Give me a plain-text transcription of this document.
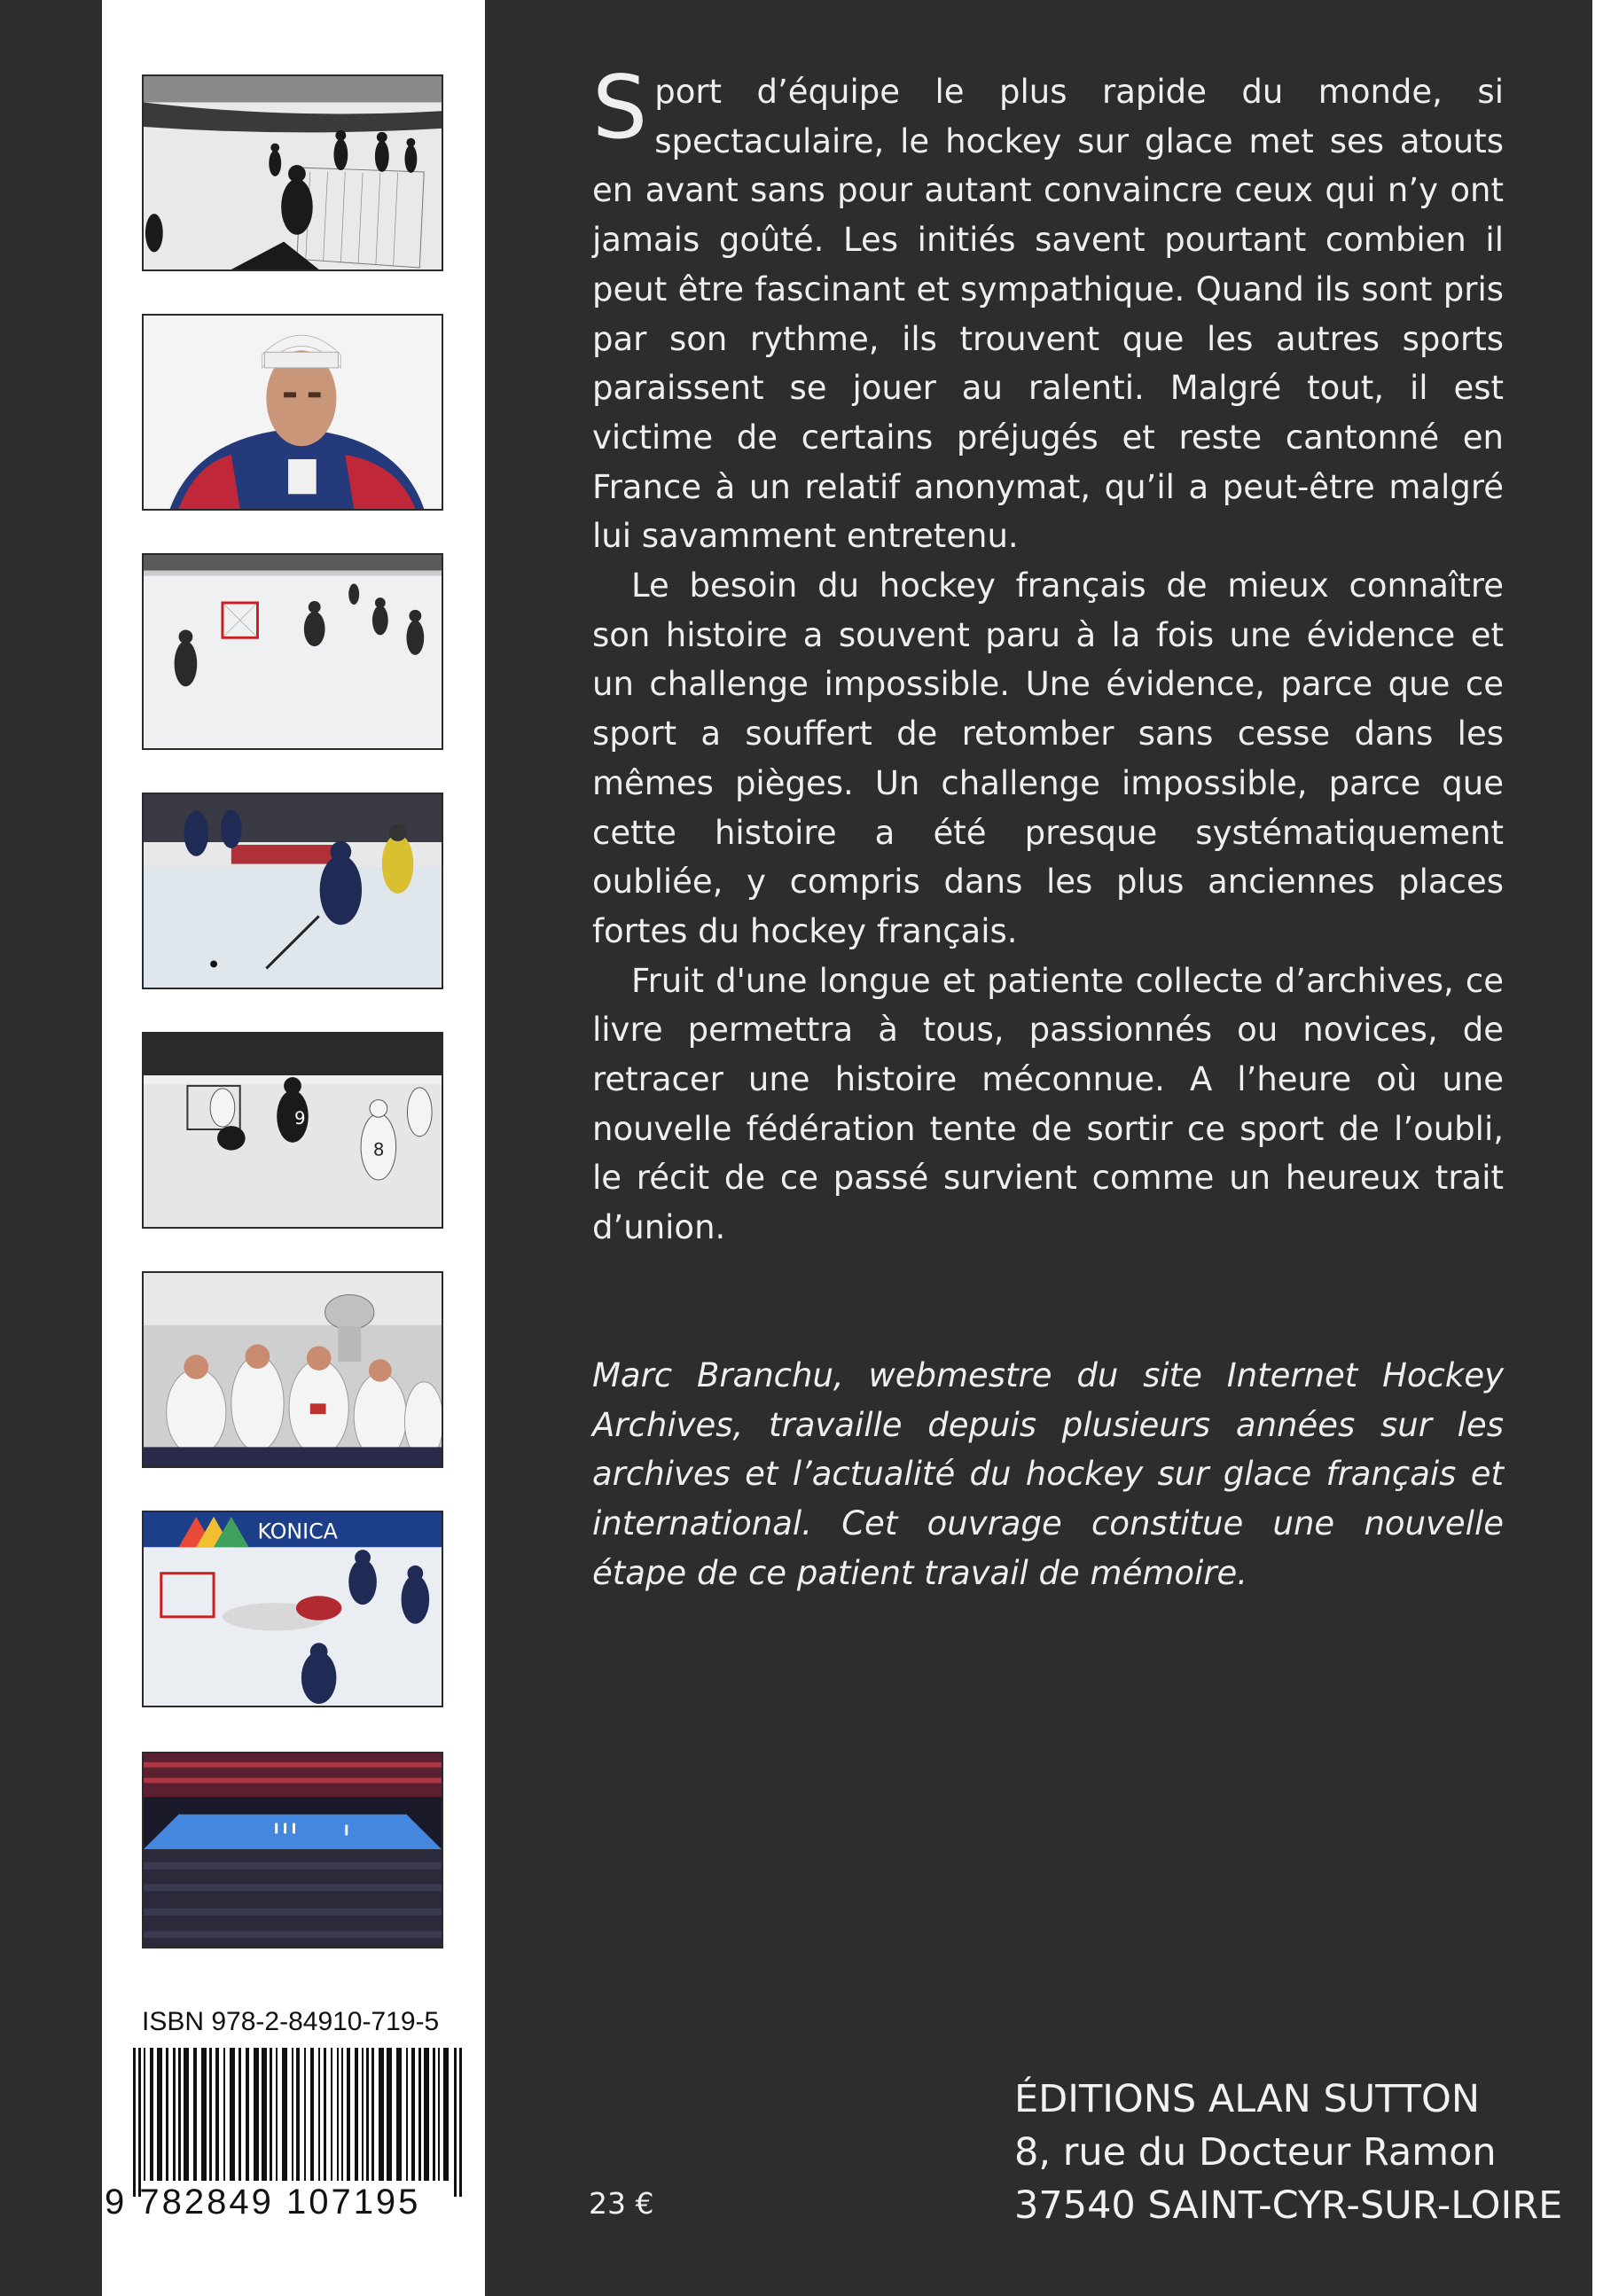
9
8
KONICA
ISBN 978-2-84910-719-5
9 782849 107195

Sport d’équipe le plus rapide du monde, si spectaculaire, le hockey sur glace met ses atouts en avant sans pour autant convaincre ceux qui n’y ont jamais goûté. Les initiés savent pourtant combien il peut être fascinant et sympathique. Quand ils sont pris par son rythme, ils trouvent que les autres sports paraissent se jouer au ralenti. Malgré tout, il est victime de certains préjugés et reste cantonné en France à un relatif anonymat, qu’il a peut-être malgré lui savamment entretenu.

Le besoin du hockey français de mieux connaître son histoire a souvent paru à la fois une évidence et un challenge impossible. Une évidence, parce que ce sport a souffert de retomber sans cesse dans les mêmes pièges. Un challenge impossible, parce que cette histoire a été presque systématiquement oubliée, y compris dans les plus anciennes places fortes du hockey français.

Fruit d'une longue et patiente collecte d’archives, ce livre permettra à tous, passionnés ou novices, de retracer une histoire méconnue. A l’heure où une nouvelle fédération tente de sortir ce sport de l’oubli, le récit de ce passé survient comme un heureux trait d’union.

Marc Branchu, webmestre du site Internet Hockey Archives, travaille depuis plusieurs années sur les archives et l’actualité du hockey sur glace français et international. Cet ouvrage constitue une nouvelle étape de ce patient travail de mémoire.

23 €
ÉDITIONS ALAN SUTTON
8, rue du Docteur Ramon
37540 SAINT-CYR-SUR-LOIRE
